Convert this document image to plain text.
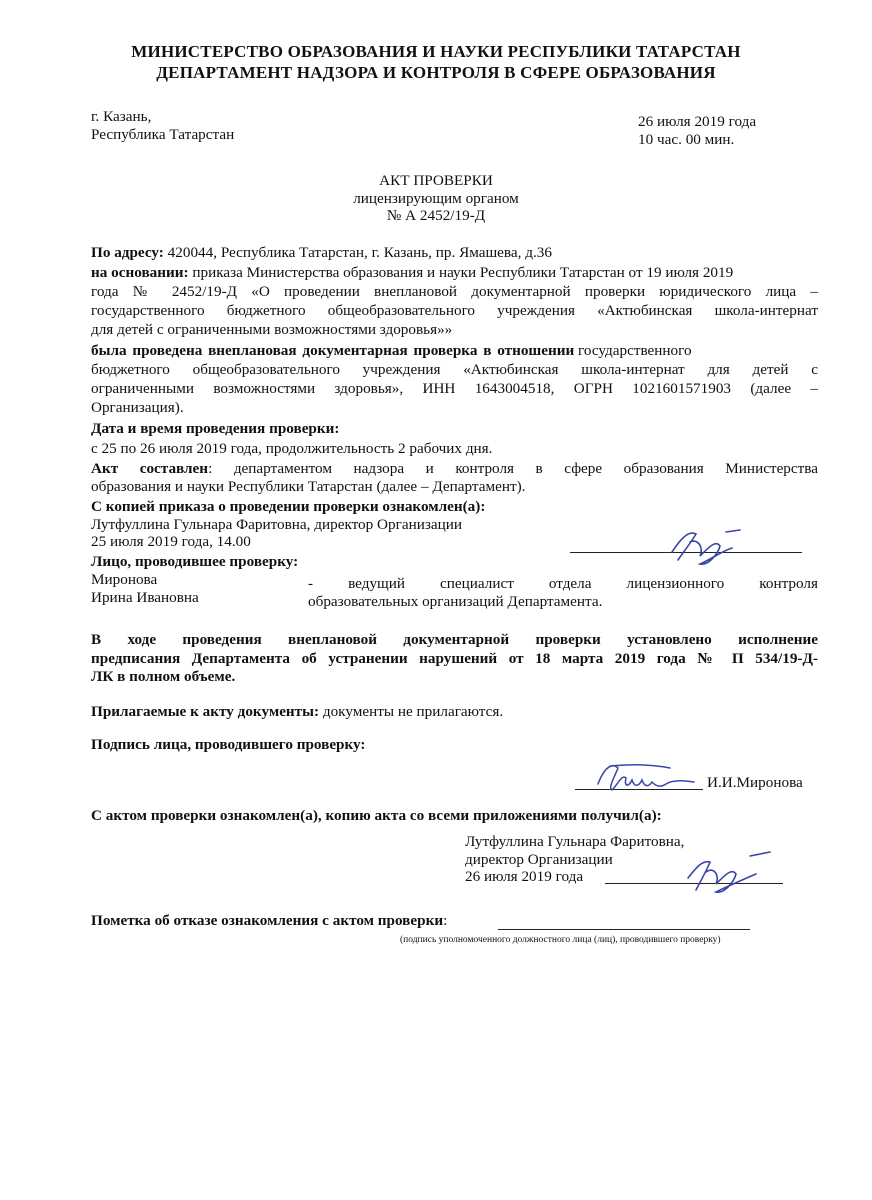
МИНИСТЕРСТВО ОБРАЗОВАНИЯ И НАУКИ РЕСПУБЛИКИ ТАТАРСТАН
ДЕПАРТАМЕНТ НАДЗОРА И КОНТРОЛЯ В СФЕРЕ ОБРАЗОВАНИЯ
г. Казань,
Республика Татарстан
26 июля 2019 года
10 час. 00 мин.
АКТ ПРОВЕРКИ
лицензирующим органом
№ А 2452/19-Д
По адресу: 420044, Республика Татарстан, г. Казань, пр. Ямашева, д.36
на основании: приказа Министерства образования и науки Республики Татарстан от 19 июля 2019
года № 2452/19-Д «О проведении внеплановой документарной проверки юридического лица –
государственного бюджетного общеобразовательного учреждения «Актюбинская школа-интернат
для детей с ограниченными возможностями здоровья»»
была проведена внеплановая документарная проверка в отношении государственного
бюджетного общеобразовательного учреждения «Актюбинская школа-интернат для детей с
ограниченными возможностями здоровья», ИНН 1643004518, ОГРН 1021601571903 (далее –
Организация).
Дата и время проведения проверки:
с 25 по 26 июля 2019 года, продолжительность 2 рабочих дня.
Акт составлен: департаментом надзора и контроля в сфере образования Министерства
образования и науки Республики Татарстан (далее – Департамент).
С копией приказа о проведении проверки ознакомлен(а):
Лутфуллина Гульнара Фаритовна, директор Организации
25 июля 2019 года, 14.00
Лицо, проводившее проверку:
Миронова
Ирина Ивановна
- ведущий специалист отдела лицензионного контроля
образовательных организаций Департамента.
В ходе проведения внеплановой документарной проверки установлено исполнение
предписания Департамента об устранении нарушений от 18 марта 2019 года № П 534/19-Д-
ЛК в полном объеме.
Прилагаемые к акту документы: документы не прилагаются.
Подпись лица, проводившего проверку:
И.И.Миронова
С актом проверки ознакомлен(а), копию акта со всеми приложениями получил(а):
Лутфуллина Гульнара Фаритовна,
директор Организации
26 июля 2019 года
Пометка об отказе ознакомления с актом проверки:
(подпись уполномоченного должностного лица (лиц), проводившего проверку)
